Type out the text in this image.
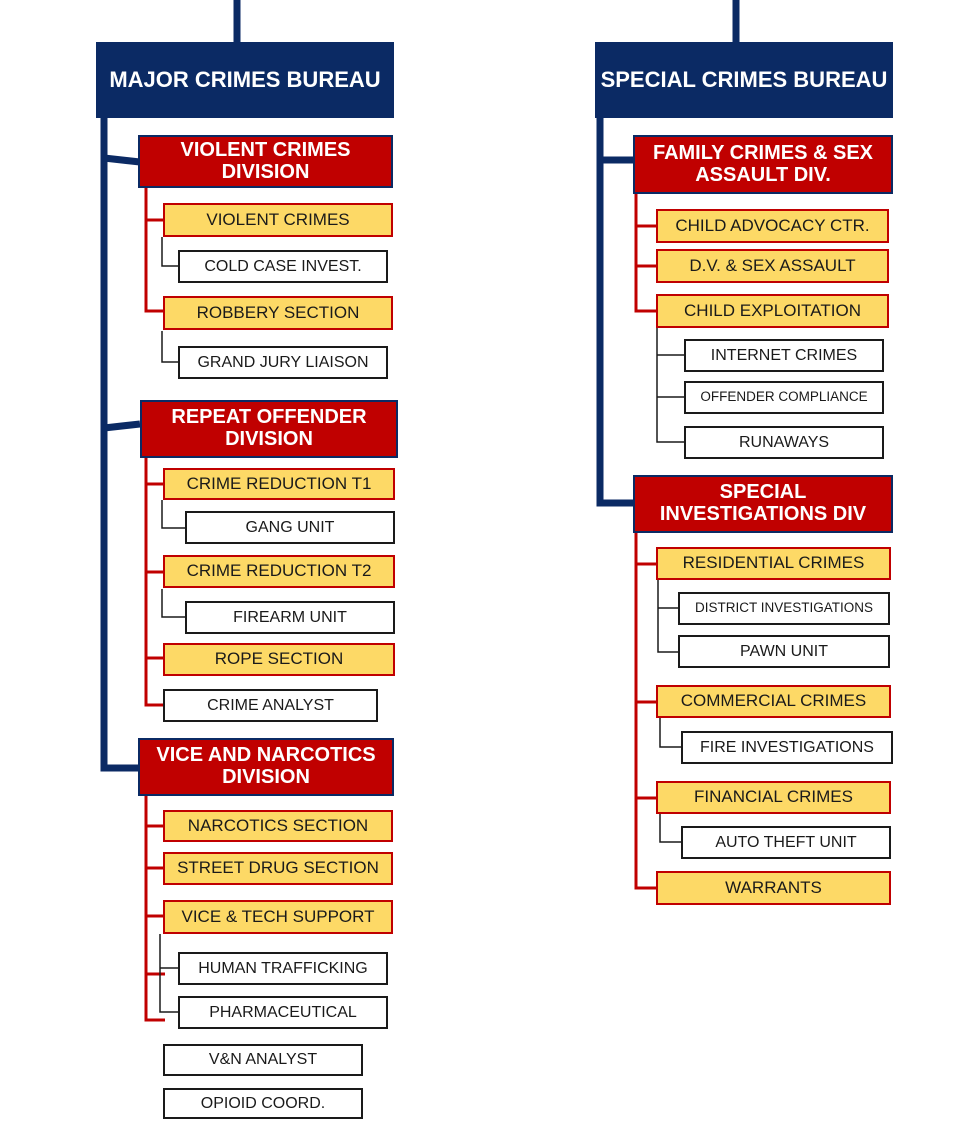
MAJOR CRIMES BUREAU
VIOLENT CRIMES DIVISION
VIOLENT CRIMES
COLD CASE INVEST.
ROBBERY SECTION
GRAND JURY LIAISON
REPEAT OFFENDER DIVISION
CRIME REDUCTION T1
GANG UNIT
CRIME REDUCTION T2
FIREARM UNIT
ROPE SECTION
CRIME ANALYST
VICE AND NARCOTICS DIVISION
NARCOTICS SECTION
STREET DRUG SECTION
VICE & TECH SUPPORT
HUMAN TRAFFICKING
PHARMACEUTICAL
V&N ANALYST
OPIOID COORD.
SPECIAL CRIMES BUREAU
FAMILY CRIMES & SEX ASSAULT DIV.
CHILD ADVOCACY CTR.
D.V. & SEX ASSAULT
CHILD EXPLOITATION
INTERNET CRIMES
OFFENDER COMPLIANCE
RUNAWAYS
SPECIAL INVESTIGATIONS DIV
RESIDENTIAL CRIMES
DISTRICT INVESTIGATIONS
PAWN UNIT
COMMERCIAL CRIMES
FIRE INVESTIGATIONS
FINANCIAL CRIMES
AUTO THEFT UNIT
WARRANTS
